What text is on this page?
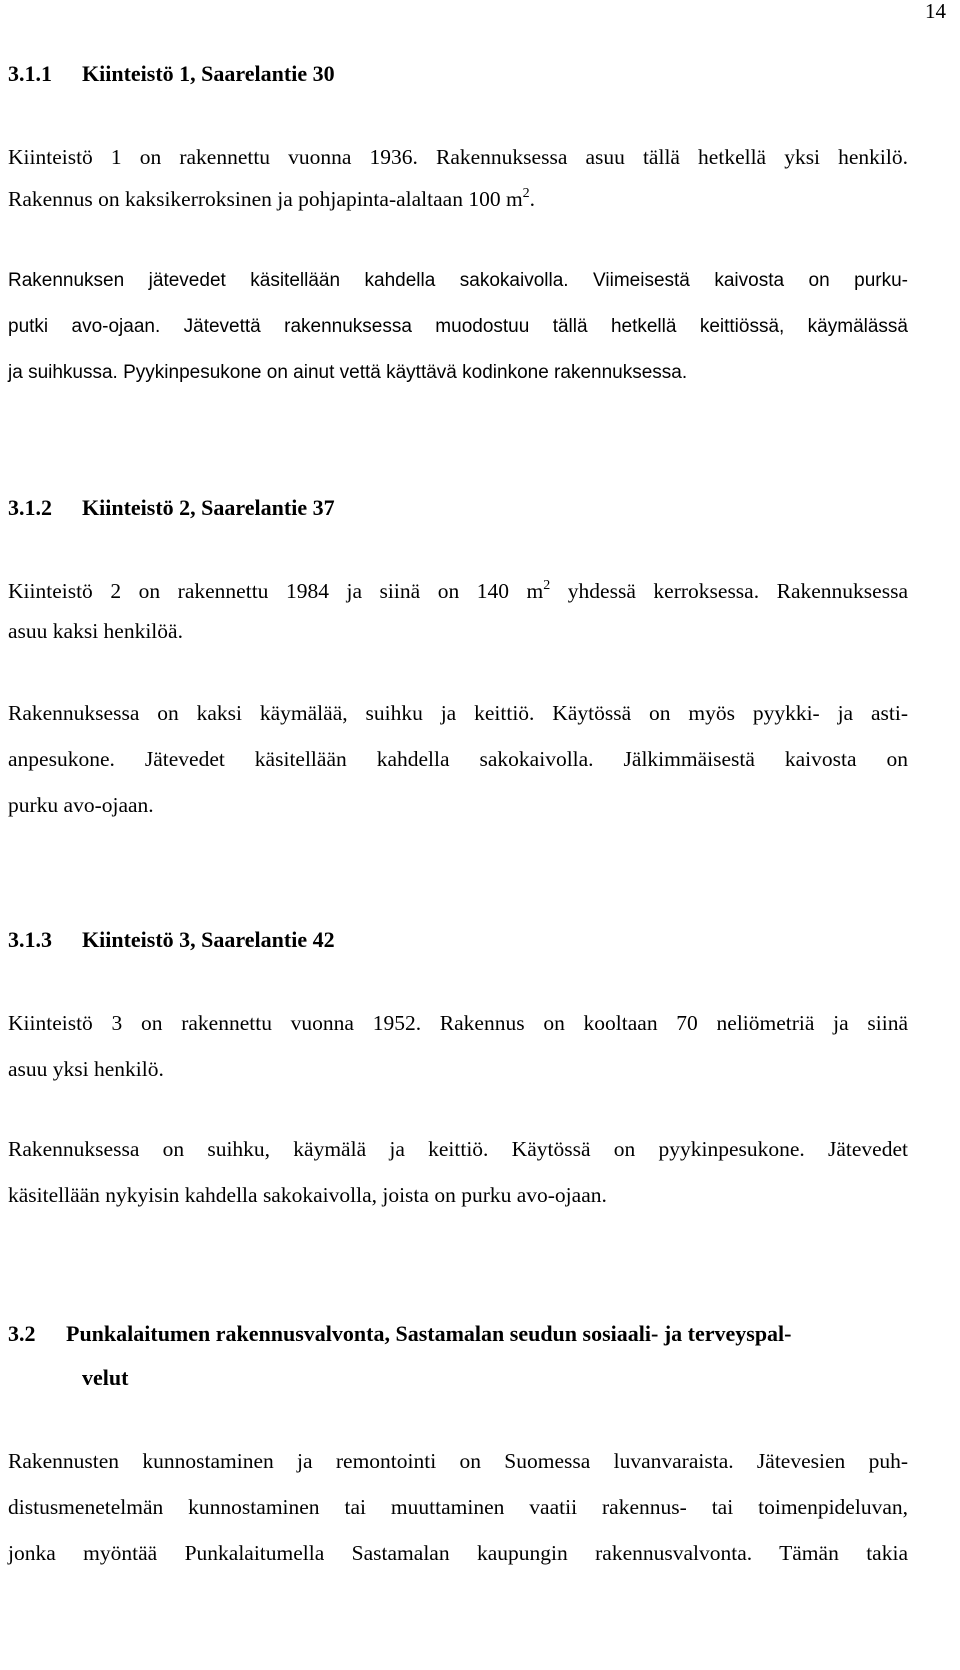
14
3.1.1	Kiinteistö 1, Saarelantie 30

Kiinteistö 1 on rakennettu vuonna 1936. Rakennuksessa asuu tällä hetkellä yksi henkilö.

Rakennus on kaksikerroksinen ja pohjapinta-alaltaan 100 $m^2$.

Rakennuksen jätevedet käsitellään kahdella sakokaivolla. Viimeisestä kaivosta on purku-

putki avo-ojaan. Jätevettä rakennuksessa muodostuu tällä hetkellä keittiössä, käymälässä

ja suihkussa. Pyykinpesukone on ainut vettä käyttävä kodinkone rakennuksessa.

3.1.2	Kiinteistö 2, Saarelantie 37

Kiinteistö 2 on rakennettu 1984 ja siinä on 140 $m^2$ yhdessä kerroksessa. Rakennuksessa

asuu kaksi henkilöä.

Rakennuksessa on kaksi käymälää, suihku ja keittiö. Käytössä on myös pyykki- ja asti-

anpesukone. Jätevedet käsitellään kahdella sakokaivolla. Jälkimmäisestä kaivosta on

purku avo-ojaan.

3.1.3	Kiinteistö 3, Saarelantie 42

Kiinteistö 3 on rakennettu vuonna 1952. Rakennus on kooltaan 70 neliömetriä ja siinä

asuu yksi henkilö.

Rakennuksessa on suihku, käymälä ja keittiö. Käytössä on pyykinpesukone. Jätevedet

käsitellään nykyisin kahdella sakokaivolla, joista on purku avo-ojaan.

3.2	Punkalaitumen rakennusvalvonta, Sastamalan seudun sosiaali- ja terveyspal-
velut

Rakennusten kunnostaminen ja remontointi on Suomessa luvanvaraista. Jätevesien puh-

distusmenetelmän kunnostaminen tai muuttaminen vaatii rakennus- tai toimenpideluvan,

jonka myöntää Punkalaitumella Sastamalan kaupungin rakennusvalvonta. Tämän takia
